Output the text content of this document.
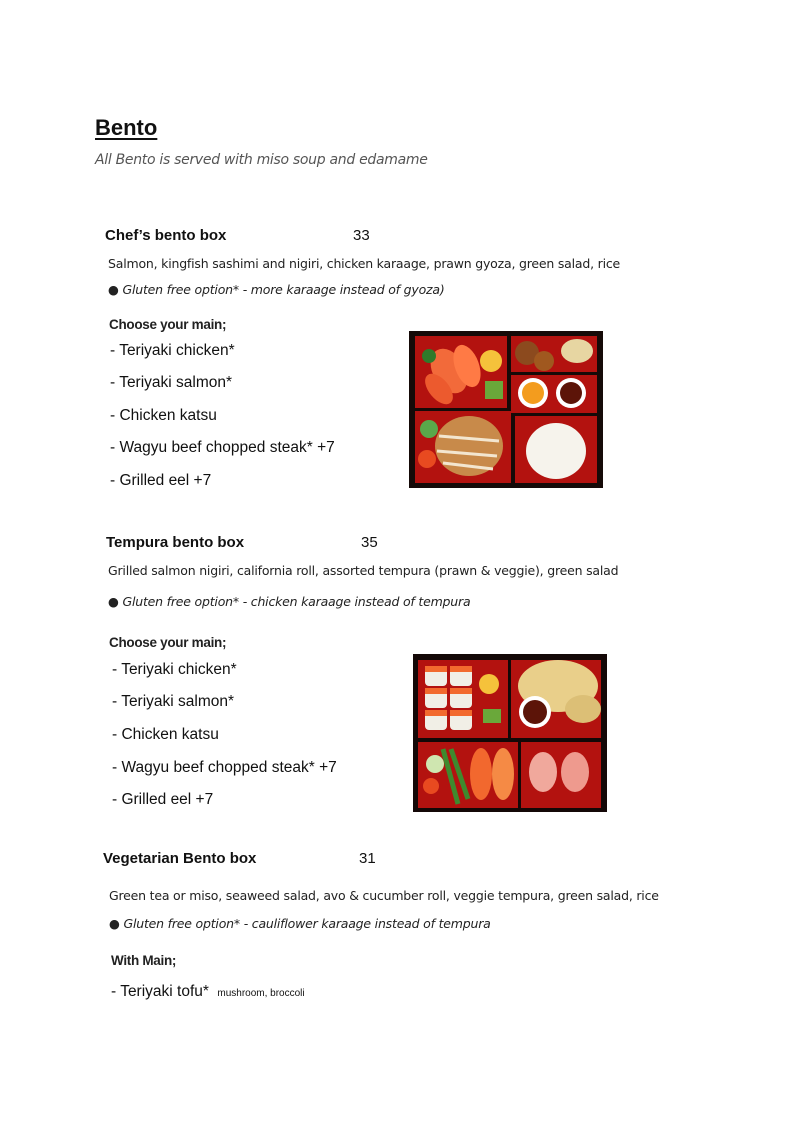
Bento
All Bento is served with miso soup and edamame
Chef’s bento box	33
Salmon, kingfish sashimi and nigiri, chicken karaage, prawn gyoza, green salad, rice
● Gluten free option* - more karaage instead of gyoza)
Choose your main;
- Teriyaki chicken*
- Teriyaki salmon*
- Chicken katsu
- Wagyu beef chopped steak* +7
- Grilled eel +7
Tempura bento box	35
Grilled salmon nigiri, california roll, assorted tempura (prawn & veggie), green salad
● Gluten free option* - chicken karaage instead of tempura
Choose your main;
- Teriyaki chicken*
- Teriyaki salmon*
- Chicken katsu
- Wagyu beef chopped steak* +7
- Grilled eel +7
Vegetarian Bento box	31
Green tea or miso, seaweed salad, avo & cucumber roll, veggie tempura, green salad, rice
● Gluten free option* - cauliflower karaage instead of tempura
With Main;
- Teriyaki tofu* mushroom, broccoli
